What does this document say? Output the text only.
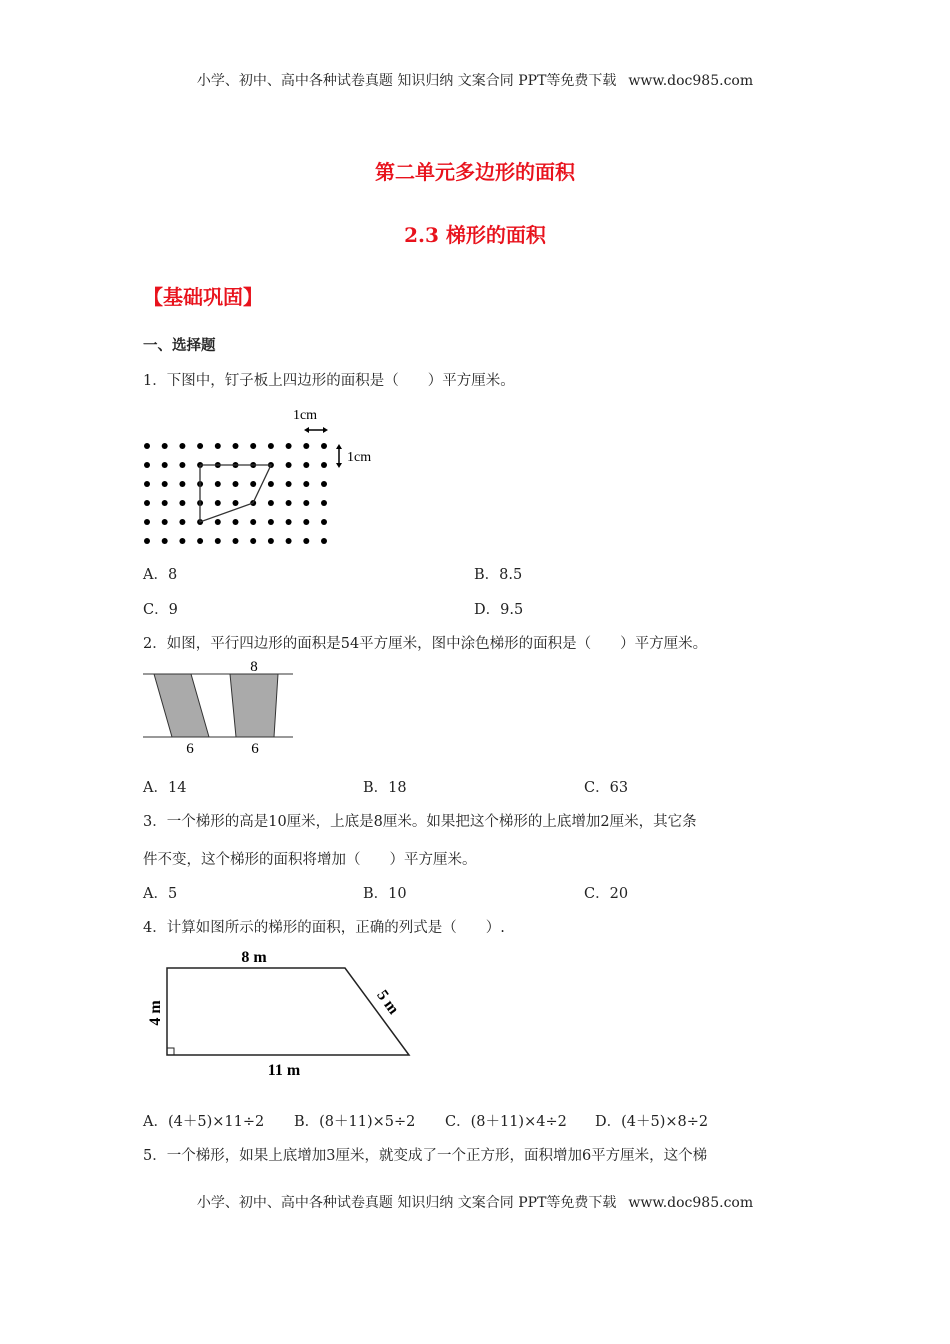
小学、初中、高中各种试卷真题 知识归纳 文案合同 PPT等免费下载 www.doc985.com
第二单元多边形的面积
2.3 梯形的面积
【基础巩固】
一、选择题
1．下图中，钉子板上四边形的面积是（　　）平方厘米。
1cm
1cm
A．8	B．8.5
C．9	D．9.5
2．如图，平行四边形的面积是54平方厘米，图中涂色梯形的面积是（　　）平方厘米。
8
6	6
A．14	B．18	C．63
3．一个梯形的高是10厘米，上底是8厘米。如果把这个梯形的上底增加2厘米，其它条
件不变，这个梯形的面积将增加（　　）平方厘米。
A．5	B．10	C．20
4．计算如图所示的梯形的面积，正确的列式是（　　）.
8 m
4 m	5 m
11 m
A．(4＋5)×11÷2 B．(8＋11)×5÷2 C．(8＋11)×4÷2 D．(4＋5)×8÷2
5．一个梯形，如果上底增加3厘米，就变成了一个正方形，面积增加6平方厘米，这个梯
小学、初中、高中各种试卷真题 知识归纳 文案合同 PPT等免费下载 www.doc985.com
